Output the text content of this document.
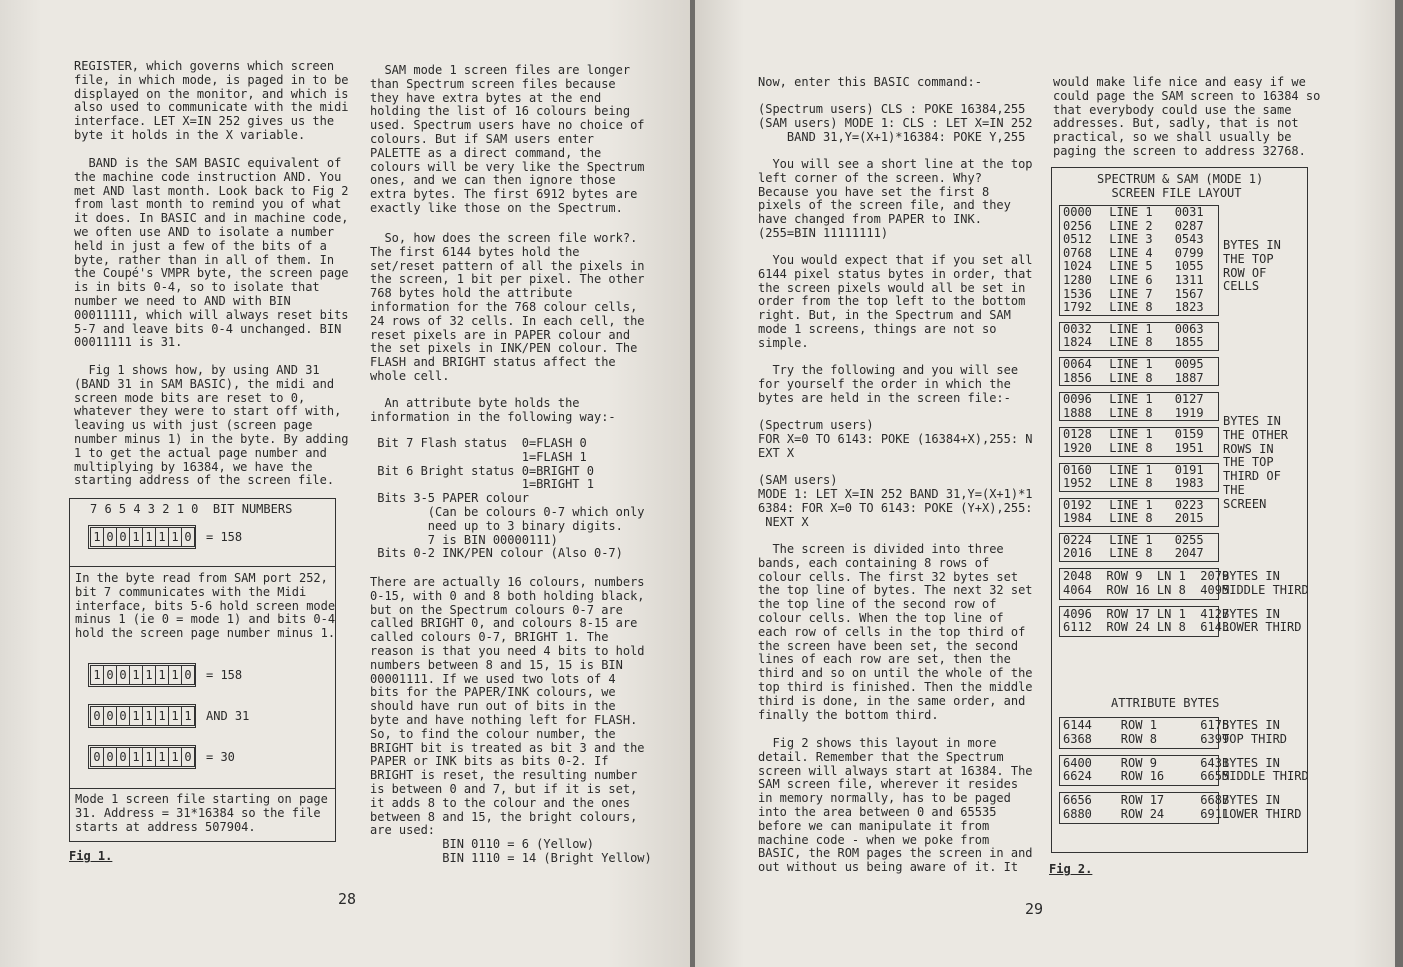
REGISTER, which governs which screen
file, in which mode, is paged in to be
displayed on the monitor, and which is
also used to communicate with the midi
interface. LET X=IN 252 gives us the
byte it holds in the X variable.
BAND is the SAM BASIC equivalent of
the machine code instruction AND. You
met AND last month. Look back to Fig 2
from last month to remind you of what
it does. In BASIC and in machine code,
we often use AND to isolate a number
held in just a few of the bits of a
byte, rather than in all of them. In
the Coupé's VMPR byte, the screen page
is in bits 0-4, so to isolate that
number we need to AND with BIN
00011111, which will always reset bits
5-7 and leave bits 0-4 unchanged. BIN
00011111 is 31.
Fig 1 shows how, by using AND 31
(BAND 31 in SAM BASIC), the midi and
screen mode bits are reset to 0,
whatever they were to start off with,
leaving us with just (screen page
number minus 1) in the byte. By adding
1 to get the actual page number and
multiplying by 16384, we have the
starting address of the screen file.
7 6 5 4 3 2 1 0  BIT NUMBERS
1 0 0 1 1 1 1 0 = 158
In the byte read from SAM port 252,
bit 7 communicates with the Midi
interface, bits 5-6 hold screen mode
minus 1 (ie 0 = mode 1) and bits 0-4
hold the screen page number minus 1.
1 0 0 1 1 1 1 0 = 158
0 0 0 1 1 1 1 1 AND 31
0 0 0 1 1 1 1 0 = 30
Mode 1 screen file starting on page
31. Address = 31*16384 so the file
starts at address 507904.
Fig 1.
SAM mode 1 screen files are longer
than Spectrum screen files because
they have extra bytes at the end
holding the list of 16 colours being
used. Spectrum users have no choice of
colours. But if SAM users enter
PALETTE as a direct command, the
colours will be very like the Spectrum
ones, and we can then ignore those
extra bytes. The first 6912 bytes are
exactly like those on the Spectrum.
So, how does the screen file work?.
The first 6144 bytes hold the
set/reset pattern of all the pixels in
the screen, 1 bit per pixel. The other
768 bytes hold the attribute
information for the 768 colour cells,
24 rows of 32 cells. In each cell, the
reset pixels are in PAPER colour and
the set pixels in INK/PEN colour. The
FLASH and BRIGHT status affect the
whole cell.
An attribute byte holds the
information in the following way:-
Bit 7 Flash status  0=FLASH 0
1=FLASH 1
Bit 6 Bright status 0=BRIGHT 0
1=BRIGHT 1
Bits 3-5 PAPER colour
(Can be colours 0-7 which only
need up to 3 binary digits.
7 is BIN 00000111)
Bits 0-2 INK/PEN colour (Also 0-7)
There are actually 16 colours, numbers
0-15, with 0 and 8 both holding black,
but on the Spectrum colours 0-7 are
called BRIGHT 0, and colours 8-15 are
called colours 0-7, BRIGHT 1. The
reason is that you need 4 bits to hold
numbers between 8 and 15, 15 is BIN
00001111. If we used two lots of 4
bits for the PAPER/INK colours, we
should have run out of bits in the
byte and have nothing left for FLASH.
So, to find the colour number, the
BRIGHT bit is treated as bit 3 and the
PAPER or INK bits as bits 0-2. If
BRIGHT is reset, the resulting number
is between 0 and 7, but if it is set,
it adds 8 to the colour and the ones
between 8 and 15, the bright colours,
are used:
BIN 0110 = 6 (Yellow)
BIN 1110 = 14 (Bright Yellow)
28
Now, enter this BASIC command:-
(Spectrum users) CLS : POKE 16384,255
(SAM users) MODE 1: CLS : LET X=IN 252
BAND 31,Y=(X+1)*16384: POKE Y,255
You will see a short line at the top
left corner of the screen. Why?
Because you have set the first 8
pixels of the screen file, and they
have changed from PAPER to INK.
(255=BIN 11111111)
You would expect that if you set all
6144 pixel status bytes in order, that
the screen pixels would all be set in
order from the top left to the bottom
right. But, in the Spectrum and SAM
mode 1 screens, things are not so
simple.
Try the following and you will see
for yourself the order in which the
bytes are held in the screen file:-
(Spectrum users)
FOR X=0 TO 6143: POKE (16384+X),255: N
EXT X

(SAM users)
MODE 1: LET X=IN 252 BAND 31,Y=(X+1)*1
6384: FOR X=0 TO 6143: POKE (Y+X),255:
NEXT X
The screen is divided into three
bands, each containing 8 rows of
colour cells. The first 32 bytes set
the top line of bytes. The next 32 set
the top line of the second row of
colour cells. When the top line of
each row of cells in the top third of
the screen have been set, the second
lines of each row are set, then the
third and so on until the whole of the
top third is finished. Then the middle
third is done, in the same order, and
finally the bottom third.
Fig 2 shows this layout in more
detail. Remember that the Spectrum
screen will always start at 16384. The
SAM screen file, wherever it resides
in memory normally, has to be paged
into the area between 0 and 65535
before we can manipulate it from
machine code - when we poke from
BASIC, the ROM pages the screen in and
out without us being aware of it. It
would make life nice and easy if we
could page the SAM screen to 16384 so
that everybody could use the same
addresses. But, sadly, that is not
practical, so we shall usually be
paging the screen to address 32768.
SPECTRUM & SAM (MODE 1)
SCREEN FILE LAYOUT
0000	LINE 1	0031
0256	LINE 2	0287
0512	LINE 3	0543
0768	LINE 4	0799
1024	LINE 5	1055
1280	LINE 6	1311
1536	LINE 7	1567
1792	LINE 8	1823
BYTES IN
THE TOP
ROW OF
CELLS
0032	LINE 1	0063
1824	LINE 8	1855
0064	LINE 1	0095
1856	LINE 8	1887
0096	LINE 1	0127
1888	LINE 8	1919
0128	LINE 1	0159
1920	LINE 8	1951
0160	LINE 1	0191
1952	LINE 8	1983
0192	LINE 1	0223
1984	LINE 8	2015
0224	LINE 1	0255
2016	LINE 8	2047
BYTES IN
THE OTHER
ROWS IN
THE TOP
THIRD OF
THE
SCREEN
2048  ROW 9  LN 1  2079
4064  ROW 16 LN 8  4095
BYTES IN
MIDDLE THIRD
4096  ROW 17 LN 1  4127
6112  ROW 24 LN 8  6143
BYTES IN
LOWER THIRD
ATTRIBUTE BYTES
6144    ROW 1      6175
6368    ROW 8      6399
BYTES IN
TOP THIRD
6400    ROW 9      6431
6624    ROW 16     6655
BYTES IN
MIDDLE THIRD
6656    ROW 17     6687
6880    ROW 24     6911
BYTES IN
LOWER THIRD
Fig 2.
29
